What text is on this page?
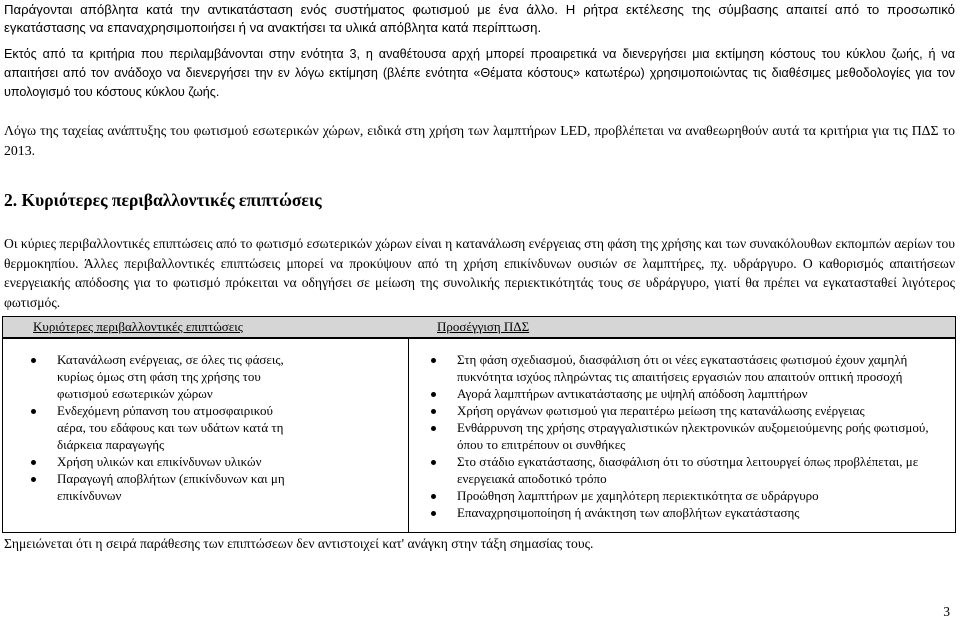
Παράγονται απόβλητα κατά την αντικατάσταση ενός συστήματος φωτισμού με ένα άλλο. Η ρήτρα εκτέλεσης της σύμβασης απαιτεί από το προσωπικό εγκατάστασης να επαναχρησιμοποιήσει ή να ανακτήσει τα υλικά απόβλητα κατά περίπτωση.

Εκτός από τα κριτήρια που περιλαμβάνονται στην ενότητα 3, η αναθέτουσα αρχή μπορεί προαιρετικά να διενεργήσει μια εκτίμηση κόστους του κύκλου ζωής, ή να απαιτήσει από τον ανάδοχο να διενεργήσει την εν λόγω εκτίμηση (βλέπε ενότητα «Θέματα κόστους» κατωτέρω) χρησιμοποιώντας τις διαθέσιμες μεθοδολογίες για τον υπολογισμό του κόστους κύκλου ζωής.

Λόγω της ταχείας ανάπτυξης του φωτισμού εσωτερικών χώρων, ειδικά στη χρήση των λαμπτήρων LED, προβλέπεται να αναθεωρηθούν αυτά τα κριτήρια για τις ΠΔΣ το 2013.

2. Κυριότερες περιβαλλοντικές επιπτώσεις

Οι κύριες περιβαλλοντικές επιπτώσεις από το φωτισμό εσωτερικών χώρων είναι η κατανάλωση ενέργειας στη φάση της χρήσης και των συνακόλουθων εκπομπών αερίων του θερμοκηπίου. Άλλες περιβαλλοντικές επιπτώσεις μπορεί να προκύψουν από τη χρήση επικίνδυνων ουσιών σε λαμπτήρες, πχ. υδράργυρο. Ο καθορισμός απαιτήσεων ενεργειακής απόδοσης για το φωτισμό πρόκειται να οδηγήσει σε μείωση της συνολικής περιεκτικότητάς τους σε υδράργυρο, γιατί θα πρέπει να εγκατασταθεί λιγότερος φωτισμός.

Κυριότερες περιβαλλοντικές επιπτώσεις	Προσέγγιση ΠΔΣ
Κατανάλωση ενέργειας, σε όλες τις φάσεις, κυρίως όμως στη φάση της χρήσης του φωτισμού εσωτερικών χώρων
Ενδεχόμενη ρύπανση του ατμοσφαιρικού αέρα, του εδάφους και των υδάτων κατά τη διάρκεια παραγωγής
Χρήση υλικών και επικίνδυνων υλικών
Παραγωγή αποβλήτων (επικίνδυνων και μη επικίνδυνων
Στη φάση σχεδιασμού, διασφάλιση ότι οι νέες εγκαταστάσεις φωτισμού έχουν χαμηλή πυκνότητα ισχύος πληρώντας τις απαιτήσεις εργασιών που απαιτούν οπτική προσοχή
Αγορά λαμπτήρων αντικατάστασης με υψηλή απόδοση λαμπτήρων
Χρήση οργάνων φωτισμού για περαιτέρω μείωση της κατανάλωσης ενέργειας
Ενθάρρυνση της χρήσης στραγγαλιστικών ηλεκτρονικών αυξομειούμενης ροής φωτισμού, όπου το επιτρέπουν οι συνθήκες
Στο στάδιο εγκατάστασης, διασφάλιση ότι το σύστημα λειτουργεί όπως προβλέπεται, με ενεργειακά αποδοτικό τρόπο
Προώθηση λαμπτήρων με χαμηλότερη περιεκτικότητα σε υδράργυρο
Επαναχρησιμοποίηση ή ανάκτηση των αποβλήτων εγκατάστασης

Σημειώνεται ότι η σειρά παράθεσης των επιπτώσεων δεν αντιστοιχεί κατ' ανάγκη στην τάξη σημασίας τους.

3
